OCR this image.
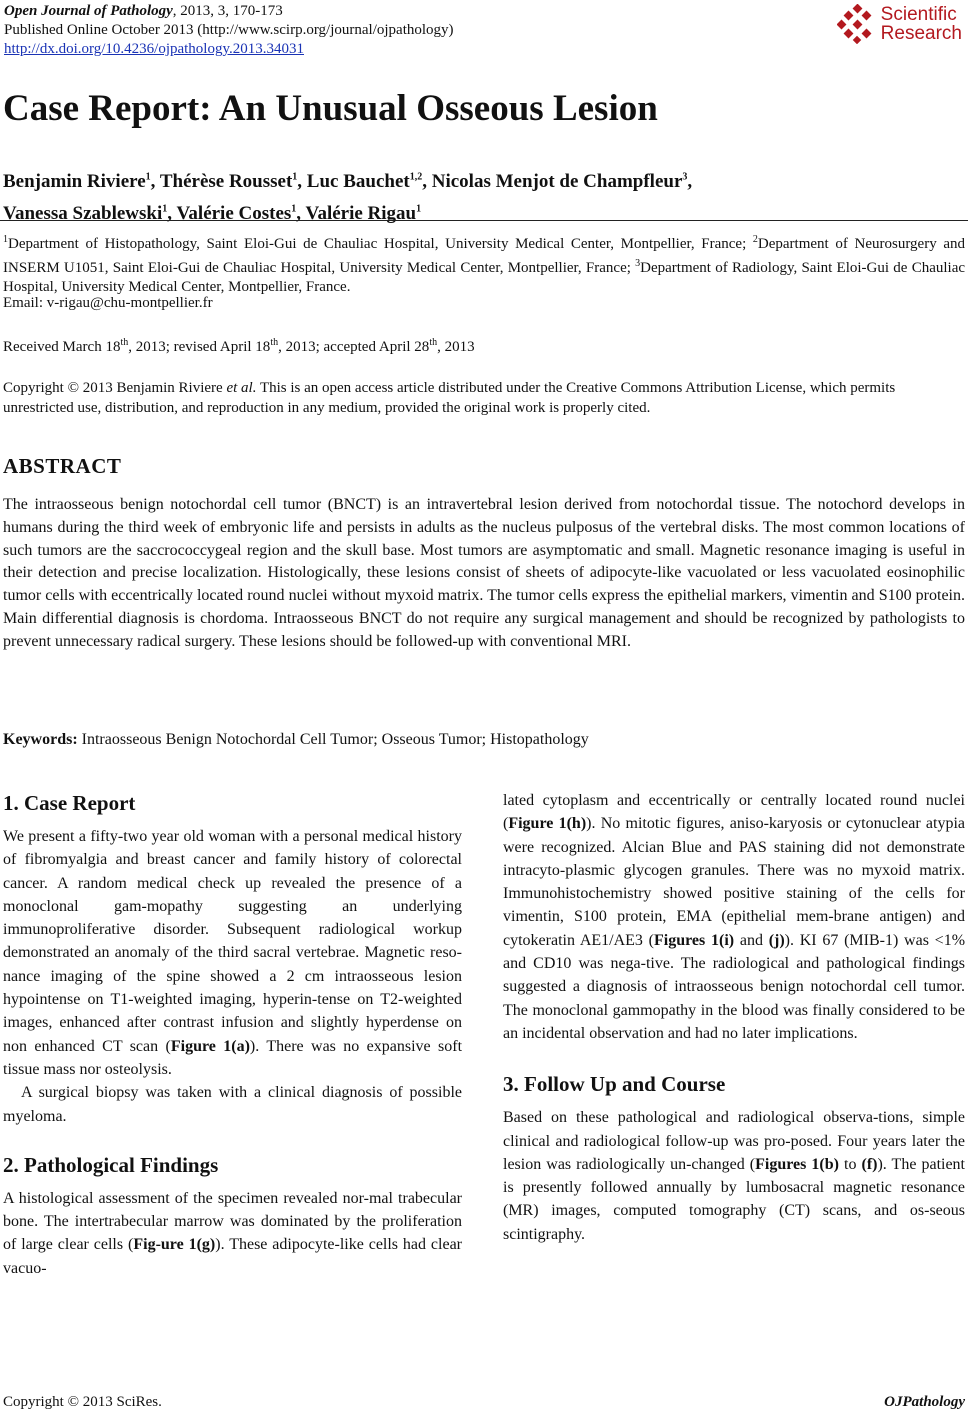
Open Journal of Pathology, 2013, 3, 170-173
Published Online October 2013 (http://www.scirp.org/journal/ojpathology)
http://dx.doi.org/10.4236/ojpathology.2013.34031
Scientific
Research
Case Report: An Unusual Osseous Lesion

Benjamin Riviere$^1$, Thérèse Rousset$^1$, Luc Bauchet$^{1,2}$, Nicolas Menjot de Champfleur$^3$,
Vanessa Szablewski$^1$, Valérie Costes$^1$, Valérie Rigau$^1$

$^1$Department of Histopathology, Saint Eloi-Gui de Chauliac Hospital, University Medical Center, Montpellier, France; $^2$Department of Neurosurgery and INSERM U1051, Saint Eloi-Gui de Chauliac Hospital, University Medical Center, Montpellier, France; $^3$Department of Radiology, Saint Eloi-Gui de Chauliac Hospital, University Medical Center, Montpellier, France.
Email: v-rigau@chu-montpellier.fr
Received March 18th, 2013; revised April 18th, 2013; accepted April 28th, 2013
Copyright © 2013 Benjamin Riviere et al. This is an open access article distributed under the Creative Commons Attribution License, which permits unrestricted use, distribution, and reproduction in any medium, provided the original work is properly cited.
ABSTRACT

The intraosseous benign notochordal cell tumor (BNCT) is an intravertebral lesion derived from notochordal tissue. The notochord develops in humans during the third week of embryonic life and persists in adults as the nucleus pulposus of the vertebral disks. The most common locations of such tumors are the saccrococcygeal region and the skull base. Most tumors are asymptomatic and small. Magnetic resonance imaging is useful in their detection and precise localization. Histologically, these lesions consist of sheets of adipocyte-like vacuolated or less vacuolated eosinophilic tumor cells with eccentrically located round nuclei without myxoid matrix. The tumor cells express the epithelial markers, vimentin and S100 protein. Main differential diagnosis is chordoma. Intraosseous BNCT do not require any surgical management and should be recognized by pathologists to prevent unnecessary radical surgery. These lesions should be followed-up with conventional MRI.

Keywords: Intraosseous Benign Notochordal Cell Tumor; Osseous Tumor; Histopathology
1. Case Report

We present a fifty-two year old woman with a personal medical history of fibromyalgia and breast cancer and family history of colorectal cancer. A random medical check up revealed the presence of a monoclonal gam-mopathy suggesting an underlying immunoproliferative disorder. Subsequent radiological workup demonstrated an anomaly of the third sacral vertebrae. Magnetic reso-nance imaging of the spine showed a 2 cm intraosseous lesion hypointense on T1-weighted imaging, hyperin-tense on T2-weighted images, enhanced after contrast infusion and slightly hyperdense on non enhanced CT scan (Figure 1(a)). There was no expansive soft tissue mass nor osteolysis.

A surgical biopsy was taken with a clinical diagnosis of possible myeloma.

2. Pathological Findings

A histological assessment of the specimen revealed nor-mal trabecular bone. The intertrabecular marrow was dominated by the proliferation of large clear cells (Fig-ure 1(g)). These adipocyte-like cells had clear vacuo-

lated cytoplasm and eccentrically or centrally located round nuclei (Figure 1(h)). No mitotic figures, aniso-karyosis or cytonuclear atypia were recognized. Alcian Blue and PAS staining did not demonstrate intracyto-plasmic glycogen granules. There was no myxoid matrix. Immunohistochemistry showed positive staining of the cells for vimentin, S100 protein, EMA (epithelial mem-brane antigen) and cytokeratin AE1/AE3 (Figures 1(i) and (j)). KI 67 (MIB-1) was <1% and CD10 was nega-tive. The radiological and pathological findings suggested a diagnosis of intraosseous benign notochordal cell tumor. The monoclonal gammopathy in the blood was finally considered to be an incidental observation and had no later implications.

3. Follow Up and Course

Based on these pathological and radiological observa-tions, simple clinical and radiological follow-up was pro-posed. Four years later the lesion was radiologically un-changed (Figures 1(b) to (f)). The patient is presently followed annually by lumbosacral magnetic resonance (MR) images, computed tomography (CT) scans, and os-seous scintigraphy.

Copyright © 2013 SciRes.	OJPathology
